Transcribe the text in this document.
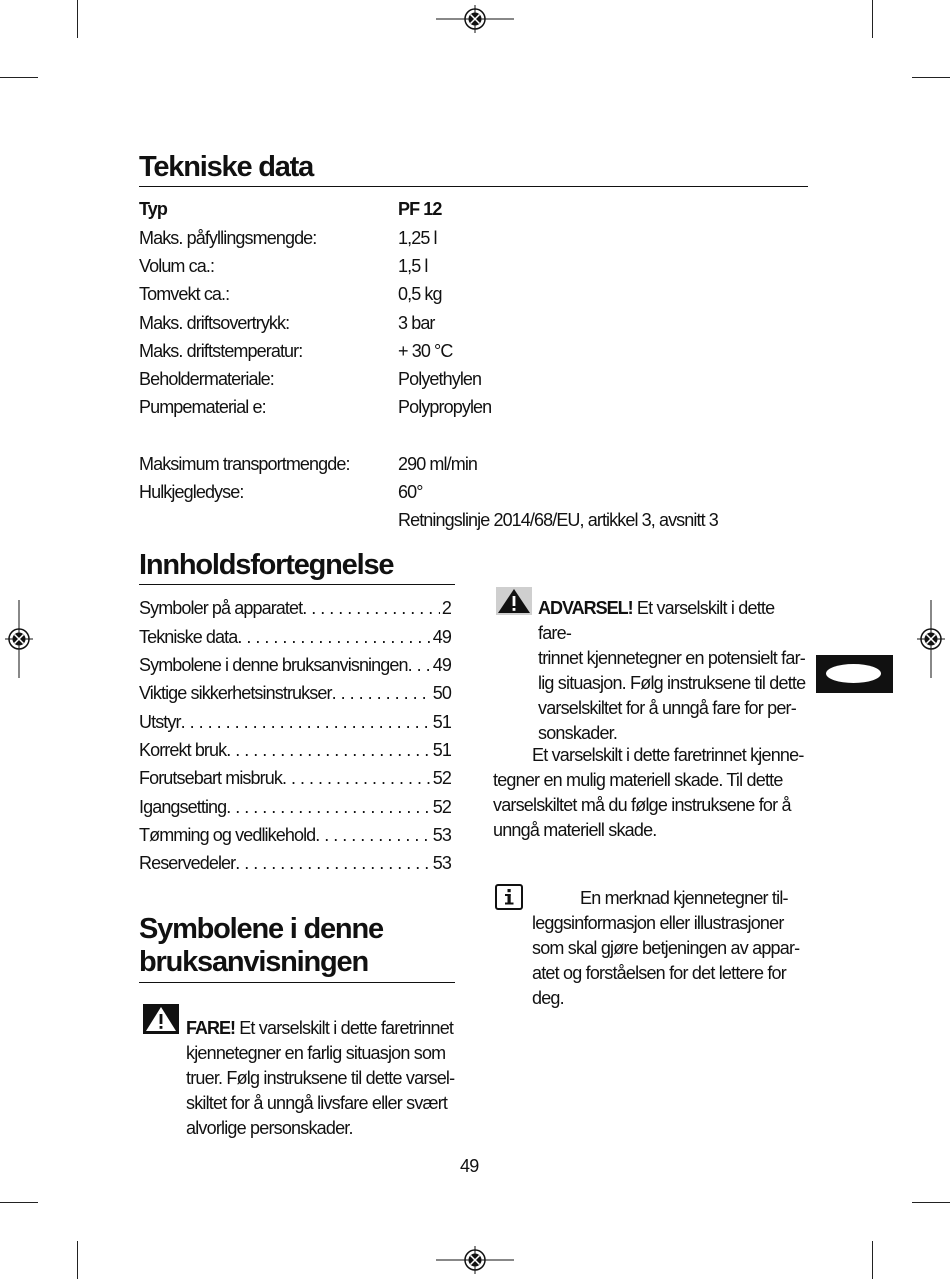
Tekniske data
Typ	PF 12
Maks. påfyllingsmengde:	1,25 l
Volum ca.:	1,5 l
Tomvekt ca.:	0,5 kg
Maks. driftsovertrykk:	3 bar
Maks. driftstemperatur:	+ 30 °C
Beholdermateriale:	Polyethylen
Pumpematerial e:	Polypropylen
Maksimum transportmengde:	290 ml/min
Hulkjegledyse:	60°
Retningslinje 2014/68/EU, artikkel 3, avsnitt 3
Innholdsfortegnelse
Symboler på apparatet . . .	2
Tekniske data . . .	49
Symbolene i denne bruksanvisningen . . . 49
Viktige sikkerhetsinstrukser . . .	50
Utstyr . . .	51
Korrekt bruk . . .	51
Forutsebart misbruk . . .	52
Igangsetting . . .	52
Tømming og vedlikehold . . .	53
Reservedeler . . .	53
Symbolene i denne
bruksanvisningen
FARE! Et varselskilt i dette faretrinnet
kjennetegner en farlig situasjon som
truer. Følg instruksene til dette varsel-
skiltet for å unngå livsfare eller svært
alvorlige personskader.
ADVARSEL! Et varselskilt i dette fare-
trinnet kjennetegner en potensielt far-
lig situasjon. Følg instruksene til dette
varselskiltet for å unngå fare for per-
sonskader.
Et varselskilt i dette faretrinnet kjenne-
tegner en mulig materiell skade. Til dette
varselskiltet må du følge instruksene for å
unngå materiell skade.
En merknad kjennetegner til-
leggsinformasjon eller illustrasjoner
som skal gjøre betjeningen av appar-
atet og forståelsen for det lettere for
deg.
49
